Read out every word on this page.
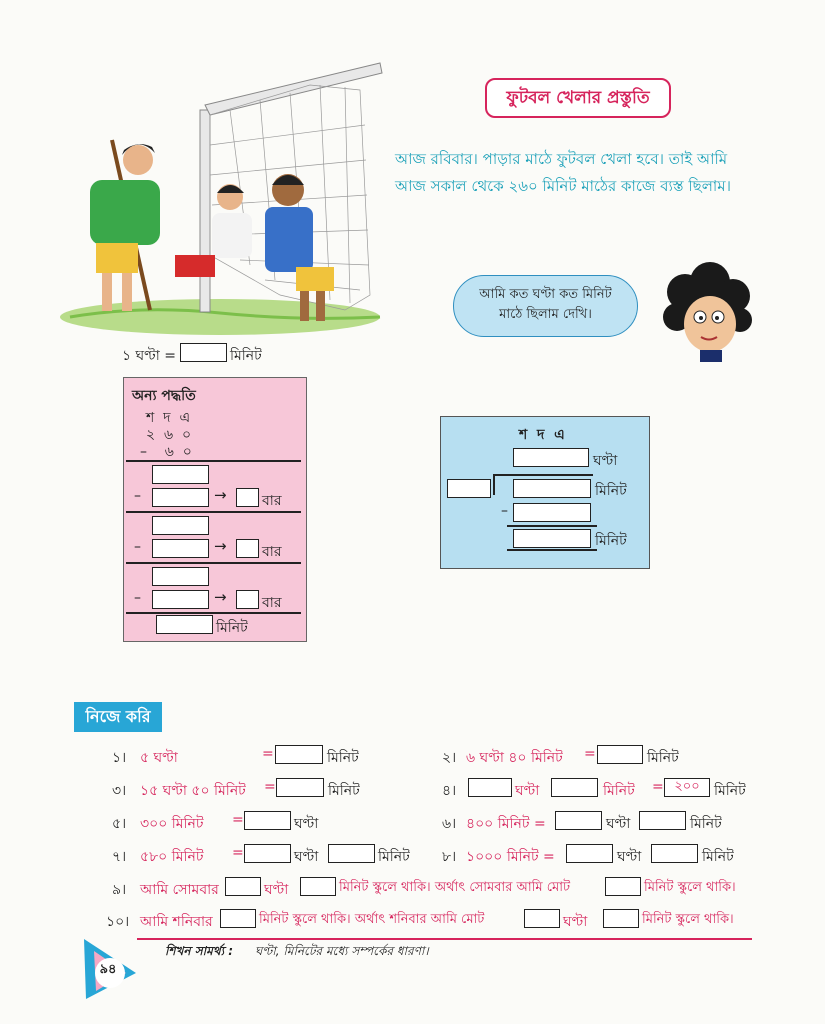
ফুটবল খেলার প্রস্তুতি
আজ রবিবার। পাড়ার মাঠে ফুটবল খেলা হবে। তাই আমি
আজ সকাল থেকে ২৬০ মিনিট মাঠের কাজে ব্যস্ত ছিলাম।
আমি কত ঘণ্টা কত মিনিট
মাঠে ছিলাম দেখি।
১ ঘণ্টা =	মিনিট
অন্য পদ্ধতি
শ  দ  এ
২  ৬  ০
–    ৬  ০
–	→	বার
–	→	বার
–	→	বার
মিনিট
শ  দ  এ
ঘণ্টা
মিনিট
–
মিনিট
নিজে করি
১। ৫ ঘণ্টা	=	মিনিট	২। ৬ ঘণ্টা ৪০ মিনিট =	মিনিট
৩। ১৫ ঘণ্টা ৫০ মিনিট =	মিনিট	৪।	ঘণ্টা	মিনিট = ২০০	মিনিট
৫। ৩০০ মিনিট =	ঘণ্টা	৬। ৪০০ মিনিট =	ঘণ্টা	মিনিট
৭। ৫৮০ মিনিট =	ঘণ্টা	মিনিট ৮। ১০০০ মিনিট =	ঘণ্টা	মিনিট
৯। আমি সোমবার	ঘণ্টা	মিনিট স্কুলে থাকি। অর্থাৎ সোমবার আমি মোট	মিনিট স্কুলে থাকি।
১০। আমি শনিবার	মিনিট স্কুলে থাকি। অর্থাৎ শনিবার আমি মোট	ঘণ্টা	মিনিট স্কুলে থাকি।
শিখন সামর্থ্য : ঘণ্টা, মিনিটের মধ্যে সম্পর্কের ধারণা।
৯৪
